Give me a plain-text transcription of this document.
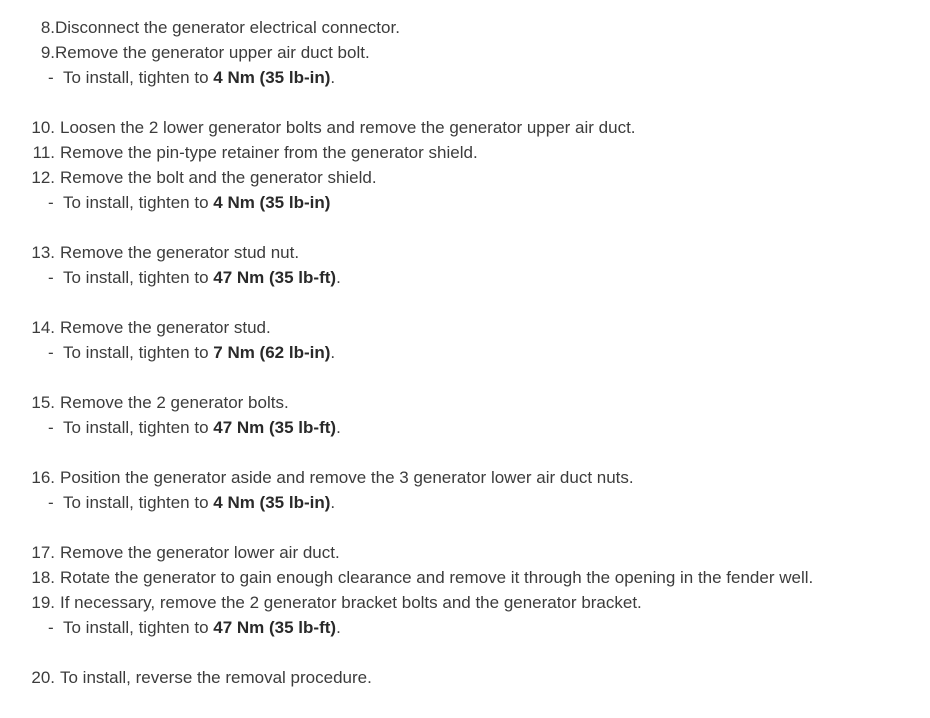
8. Disconnect the generator electrical connector.
9. Remove the generator upper air duct bolt.
- To install, tighten to 4 Nm (35 lb-in).
10. Loosen the 2 lower generator bolts and remove the generator upper air duct.
11. Remove the pin-type retainer from the generator shield.
12. Remove the bolt and the generator shield.
- To install, tighten to 4 Nm (35 lb-in)
13. Remove the generator stud nut.
- To install, tighten to 47 Nm (35 lb-ft).
14. Remove the generator stud.
- To install, tighten to 7 Nm (62 lb-in).
15. Remove the 2 generator bolts.
- To install, tighten to 47 Nm (35 lb-ft).
16. Position the generator aside and remove the 3 generator lower air duct nuts.
- To install, tighten to 4 Nm (35 lb-in).
17. Remove the generator lower air duct.
18. Rotate the generator to gain enough clearance and remove it through the opening in the fender well.
19. If necessary, remove the 2 generator bracket bolts and the generator bracket.
- To install, tighten to 47 Nm (35 lb-ft).
20. To install, reverse the removal procedure.
